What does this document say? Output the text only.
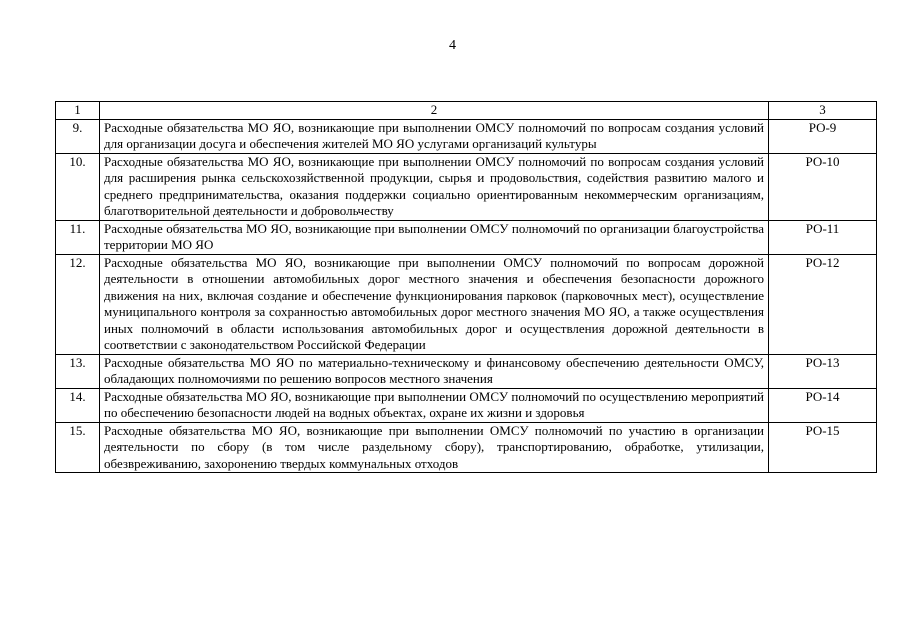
4
1	2	3
9.	Расходные обязательства МО ЯО, возникающие при выполнении ОМСУ полномочий по вопросам создания условий для организации досуга и обеспечения жителей МО ЯО услугами организаций культуры	РО-9
10.	Расходные обязательства МО ЯО, возникающие при выполнении ОМСУ полномочий по вопросам создания условий для расширения рынка сельскохозяйственной продукции, сырья и продовольствия, содействия развитию малого и среднего предпринимательства, оказания поддержки социально ориентированным некоммерческим организациям, благотворительной деятельности и добровольчеству	РО-10
11.	Расходные обязательства МО ЯО, возникающие при выполнении ОМСУ полномочий по организации благоустройства территории МО ЯО	РО-11
12.	Расходные обязательства МО ЯО, возникающие при выполнении ОМСУ полномочий по вопросам дорожной деятельности в отношении автомобильных дорог местного значения и обеспечения безопасности дорожного движения на них, включая создание и обеспечение функционирования парковок (парковочных мест), осуществление муниципального контроля за сохранностью автомобильных дорог местного значения МО ЯО, а также осуществления иных полномочий в области использования автомобильных дорог и осуществления дорожной деятельности в соответствии с законодательством Российской Федерации	РО-12
13.	Расходные обязательства МО ЯО по материально-техническому и финансовому обеспечению деятельности ОМСУ, обладающих полномочиями по решению вопросов местного значения	РО-13
14.	Расходные обязательства МО ЯО, возникающие при выполнении ОМСУ полномочий по осуществлению мероприятий по обеспечению безопасности людей на водных объектах, охране их жизни и здоровья	РО-14
15.	Расходные обязательства МО ЯО, возникающие при выполнении ОМСУ полномочий по участию в организации деятельности по сбору (в том числе раздельному сбору), транспортированию, обработке, утилизации, обезвреживанию, захоронению твердых коммунальных отходов	РО-15
